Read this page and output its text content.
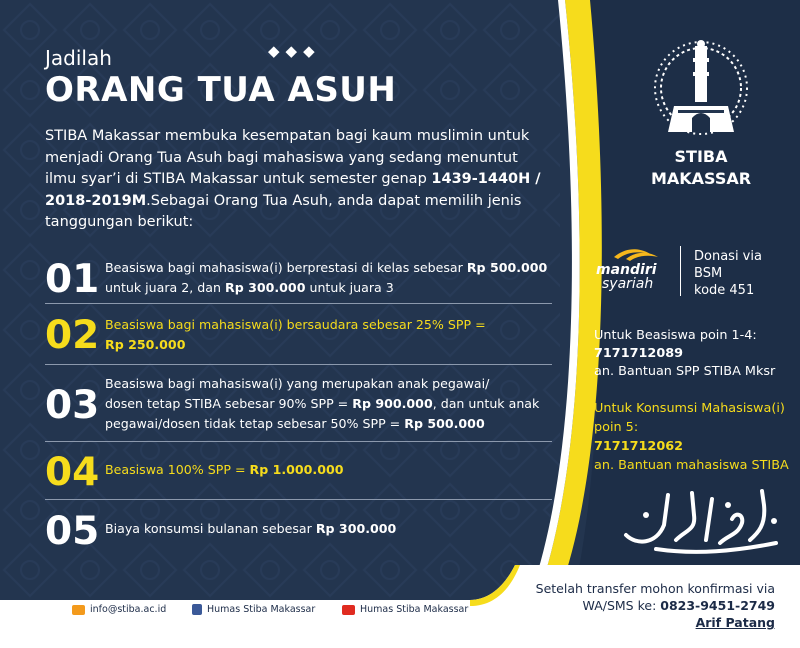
Jadilah	◆◆◆
ORANG TUA ASUH
STIBA Makassar membuka kesempatan bagi kaum muslimin untuk menjadi Orang Tua Asuh bagi mahasiswa yang sedang menuntut ilmu syar’i di STIBA Makassar untuk semester genap 1439-1440H / 2018-2019M.Sebagai Orang Tua Asuh, anda dapat memilih jenis tanggungan berikut:
01 Beasiswa bagi mahasiswa(i) berprestasi di kelas sebesar Rp 500.000
untuk juara 2, dan Rp 300.000 untuk juara 3
02 Beasiswa bagi mahasiswa(i) bersaudara sebesar 25% SPP =
Rp 250.000
03 Beasiswa bagi mahasiswa(i) yang merupakan anak pegawai/
dosen tetap STIBA sebesar 90% SPP = Rp 900.000, dan untuk anak
pegawai/dosen tidak tetap sebesar 50% SPP = Rp 500.000
04 Beasiswa 100% SPP = Rp 1.000.000
05 Biaya konsumsi bulanan sebesar Rp 300.000
STIBA
MAKASSAR
mandiri
syariah
Donasi via
BSM
kode 451
Untuk Beasiswa poin 1-4:
7171712089
an. Bantuan SPP STIBA Mksr
Untuk Konsumsi Mahasiswa(i)
poin 5:
7171712062
an. Bantuan mahasiswa STIBA
Setelah transfer mohon konfirmasi via
WA/SMS ke: 0823-9451-2749
Arif Patang
info@stiba.ac.id	Humas Stiba Makassar	Humas Stiba Makassar
